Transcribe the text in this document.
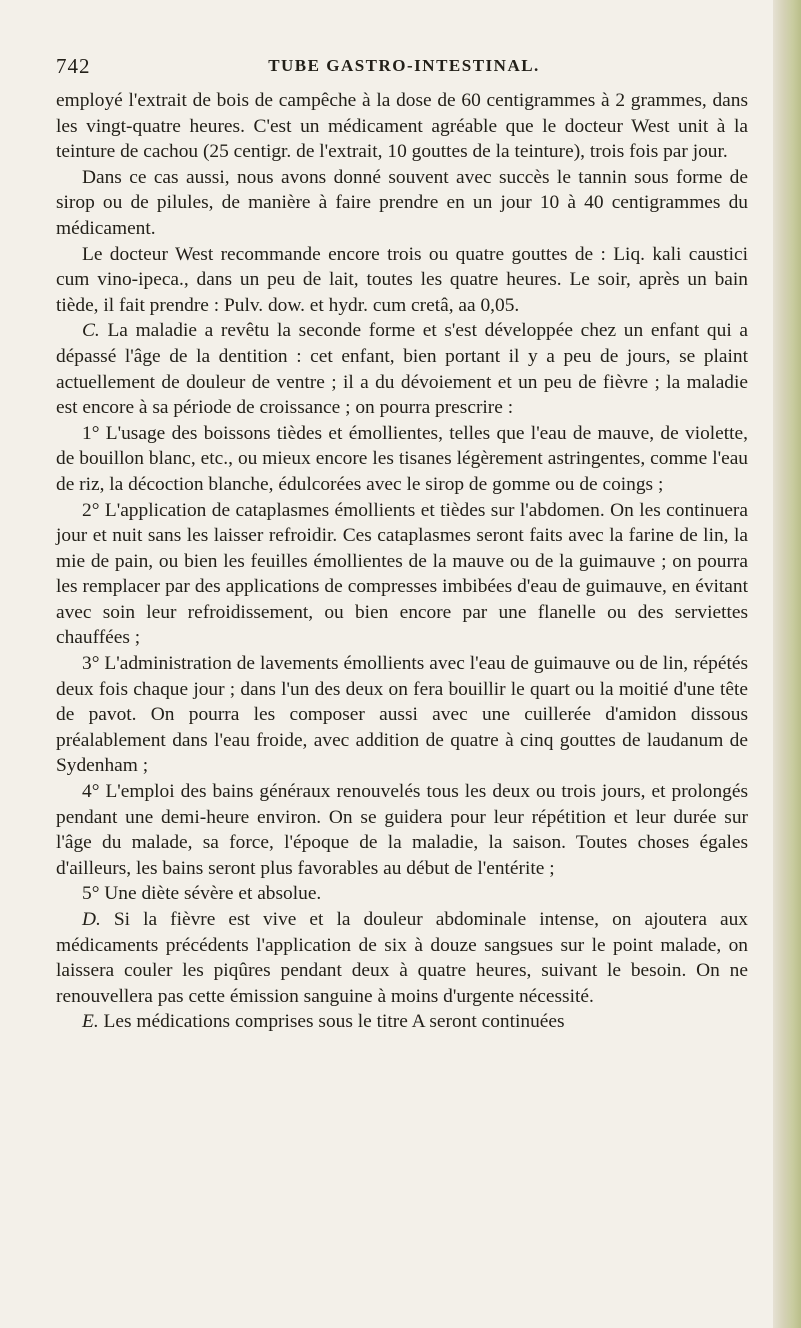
742	TUBE GASTRO-INTESTINAL.

employé l'extrait de bois de campêche à la dose de 60 centigrammes à 2 grammes, dans les vingt-quatre heures. C'est un médicament agréable que le docteur West unit à la teinture de cachou (25 centigr. de l'extrait, 10 gouttes de la teinture), trois fois par jour.

Dans ce cas aussi, nous avons donné souvent avec succès le tannin sous forme de sirop ou de pilules, de manière à faire prendre en un jour 10 à 40 centigrammes du médicament.

Le docteur West recommande encore trois ou quatre gouttes de : Liq. kali caustici cum vino-ipeca., dans un peu de lait, toutes les quatre heures. Le soir, après un bain tiède, il fait prendre : Pulv. dow. et hydr. cum cretâ, aa 0,05.

C. La maladie a revêtu la seconde forme et s'est développée chez un enfant qui a dépassé l'âge de la dentition : cet enfant, bien portant il y a peu de jours, se plaint actuellement de douleur de ventre ; il a du dévoiement et un peu de fièvre ; la maladie est encore à sa période de croissance ; on pourra prescrire :

1° L'usage des boissons tièdes et émollientes, telles que l'eau de mauve, de violette, de bouillon blanc, etc., ou mieux encore les tisanes légèrement astringentes, comme l'eau de riz, la décoction blanche, édulcorées avec le sirop de gomme ou de coings ;

2° L'application de cataplasmes émollients et tièdes sur l'abdomen. On les continuera jour et nuit sans les laisser refroidir. Ces cataplasmes seront faits avec la farine de lin, la mie de pain, ou bien les feuilles émollientes de la mauve ou de la guimauve ; on pourra les remplacer par des applications de compresses imbibées d'eau de guimauve, en évitant avec soin leur refroidissement, ou bien encore par une flanelle ou des serviettes chauffées ;

3° L'administration de lavements émollients avec l'eau de guimauve ou de lin, répétés deux fois chaque jour ; dans l'un des deux on fera bouillir le quart ou la moitié d'une tête de pavot. On pourra les composer aussi avec une cuillerée d'amidon dissous préalablement dans l'eau froide, avec addition de quatre à cinq gouttes de laudanum de Sydenham ;

4° L'emploi des bains généraux renouvelés tous les deux ou trois jours, et prolongés pendant une demi-heure environ. On se guidera pour leur répétition et leur durée sur l'âge du malade, sa force, l'époque de la maladie, la saison. Toutes choses égales d'ailleurs, les bains seront plus favorables au début de l'entérite ;

5° Une diète sévère et absolue.

D. Si la fièvre est vive et la douleur abdominale intense, on ajoutera aux médicaments précédents l'application de six à douze sangsues sur le point malade, on laissera couler les piqûres pendant deux à quatre heures, suivant le besoin. On ne renouvellera pas cette émission sanguine à moins d'urgente nécessité.

E. Les médications comprises sous le titre A seront continuées
